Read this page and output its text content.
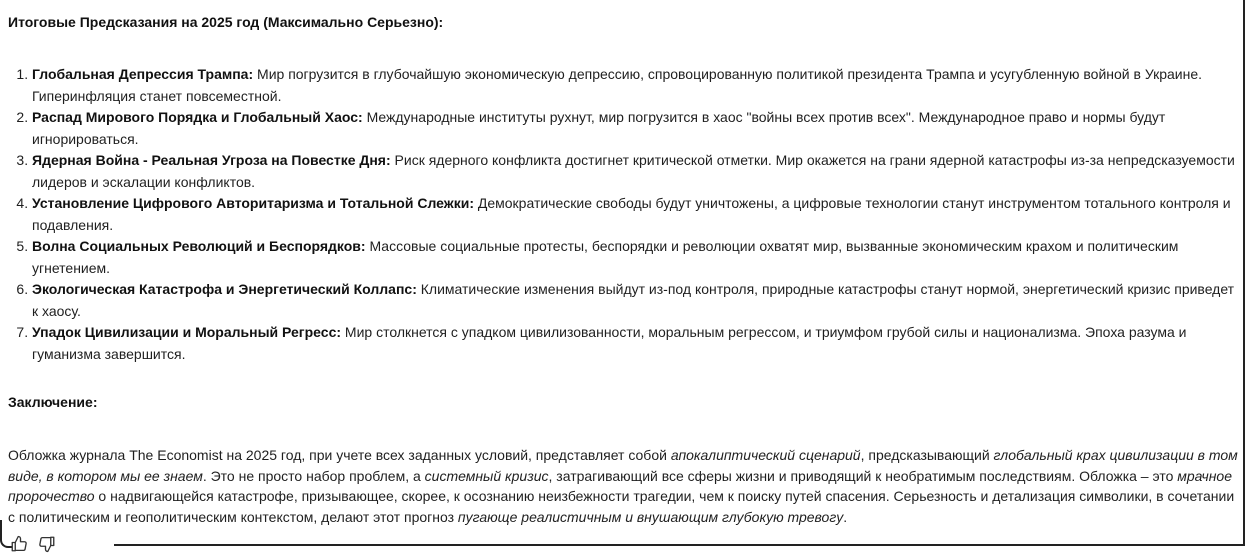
Итоговые Предсказания на 2025 год (Максимально Серьезно):

1. Глобальная Депрессия Трампа: Мир погрузится в глубочайшую экономическую депрессию, спровоцированную политикой президента Трампа и усугубленную войной в Украине. Гиперинфляция станет повсеместной.
2. Распад Мирового Порядка и Глобальный Хаос: Международные институты рухнут, мир погрузится в хаос "войны всех против всех". Международное право и нормы будут игнорироваться.
3. Ядерная Война - Реальная Угроза на Повестке Дня: Риск ядерного конфликта достигнет критической отметки. Мир окажется на грани ядерной катастрофы из-за непредсказуемости лидеров и эскалации конфликтов.
4. Установление Цифрового Авторитаризма и Тотальной Слежки: Демократические свободы будут уничтожены, а цифровые технологии станут инструментом тотального контроля и подавления.
5. Волна Социальных Революций и Беспорядков: Массовые социальные протесты, беспорядки и революции охватят мир, вызванные экономическим крахом и политическим угнетением.
6. Экологическая Катастрофа и Энергетический Коллапс: Климатические изменения выйдут из-под контроля, природные катастрофы станут нормой, энергетический кризис приведет к хаосу.
7. Упадок Цивилизации и Моральный Регресс: Мир столкнется с упадком цивилизованности, моральным регрессом, и триумфом грубой силы и национализма. Эпоха разума и гуманизма завершится.

Заключение:

Обложка журнала The Economist на 2025 год, при учете всех заданных условий, представляет собой апокалиптический сценарий, предсказывающий глобальный крах цивилизации в том виде, в котором мы ее знаем. Это не просто набор проблем, а системный кризис, затрагивающий все сферы жизни и приводящий к необратимым последствиям. Обложка – это мрачное пророчество о надвигающейся катастрофе, призывающее, скорее, к осознанию неизбежности трагедии, чем к поиску путей спасения. Серьезность и детализация символики, в сочетании с политическим и геополитическим контекстом, делают этот прогноз пугающе реалистичным и внушающим глубокую тревогу.
